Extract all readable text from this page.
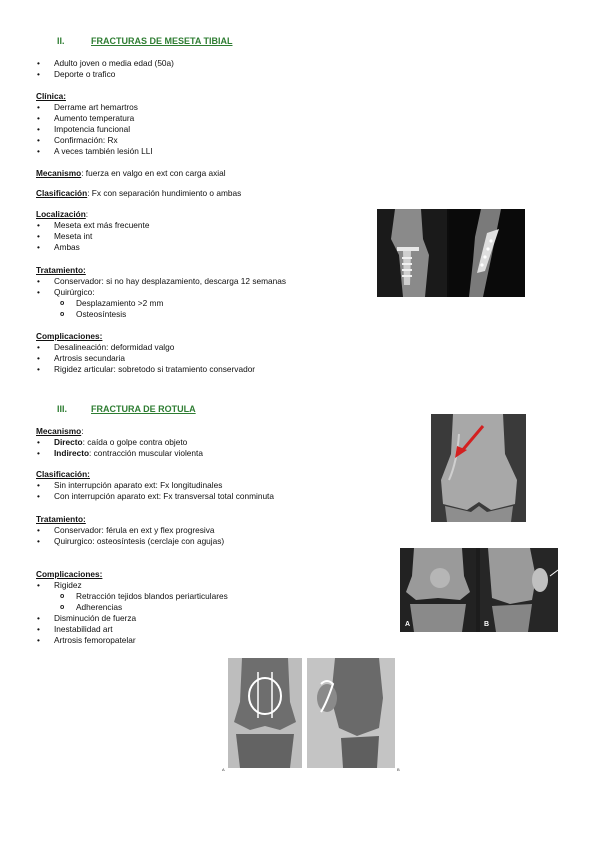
II.	FRACTURAS DE MESETA TIBIAL
• Adulto joven o media edad (50a)
• Deporte o trafico
Clínica:
• Derrame art hemartros
• Aumento temperatura
• Impotencia funcional
• Confirmación: Rx
• A veces también lesión LLI
Mecanismo: fuerza en valgo en ext con carga axial
Clasificación: Fx con separación hundimiento o ambas
Localización:
• Meseta ext más frecuente
• Meseta int
• Ambas
Tratamiento:
• Conservador: si no hay desplazamiento, descarga 12 semanas
• Quirúrgico:
o Desplazamiento >2 mm
o Osteosíntesis
Complicaciones:
• Desalineación: deformidad valgo
• Artrosis secundaria
• Rigidez articular: sobretodo si tratamiento conservador
III.	FRACTURA DE ROTULA
Mecanismo:
• Directo: caída o golpe contra objeto
• Indirecto: contracción muscular violenta
Clasificación:
• Sin interrupción aparato ext: Fx longitudinales
• Con interrupción aparato ext: Fx transversal total conminuta
Tratamiento:
• Conservador: férula en ext y flex progresiva
• Quirurgico: osteosíntesis (cerclaje con agujas)
Complicaciones:
• Rigidez
o Retracción tejidos blandos periarticulares
o Adherencias
• Disminución de fuerza
• Inestabilidad art
• Artrosis femoropatelar
A	B
A	B
